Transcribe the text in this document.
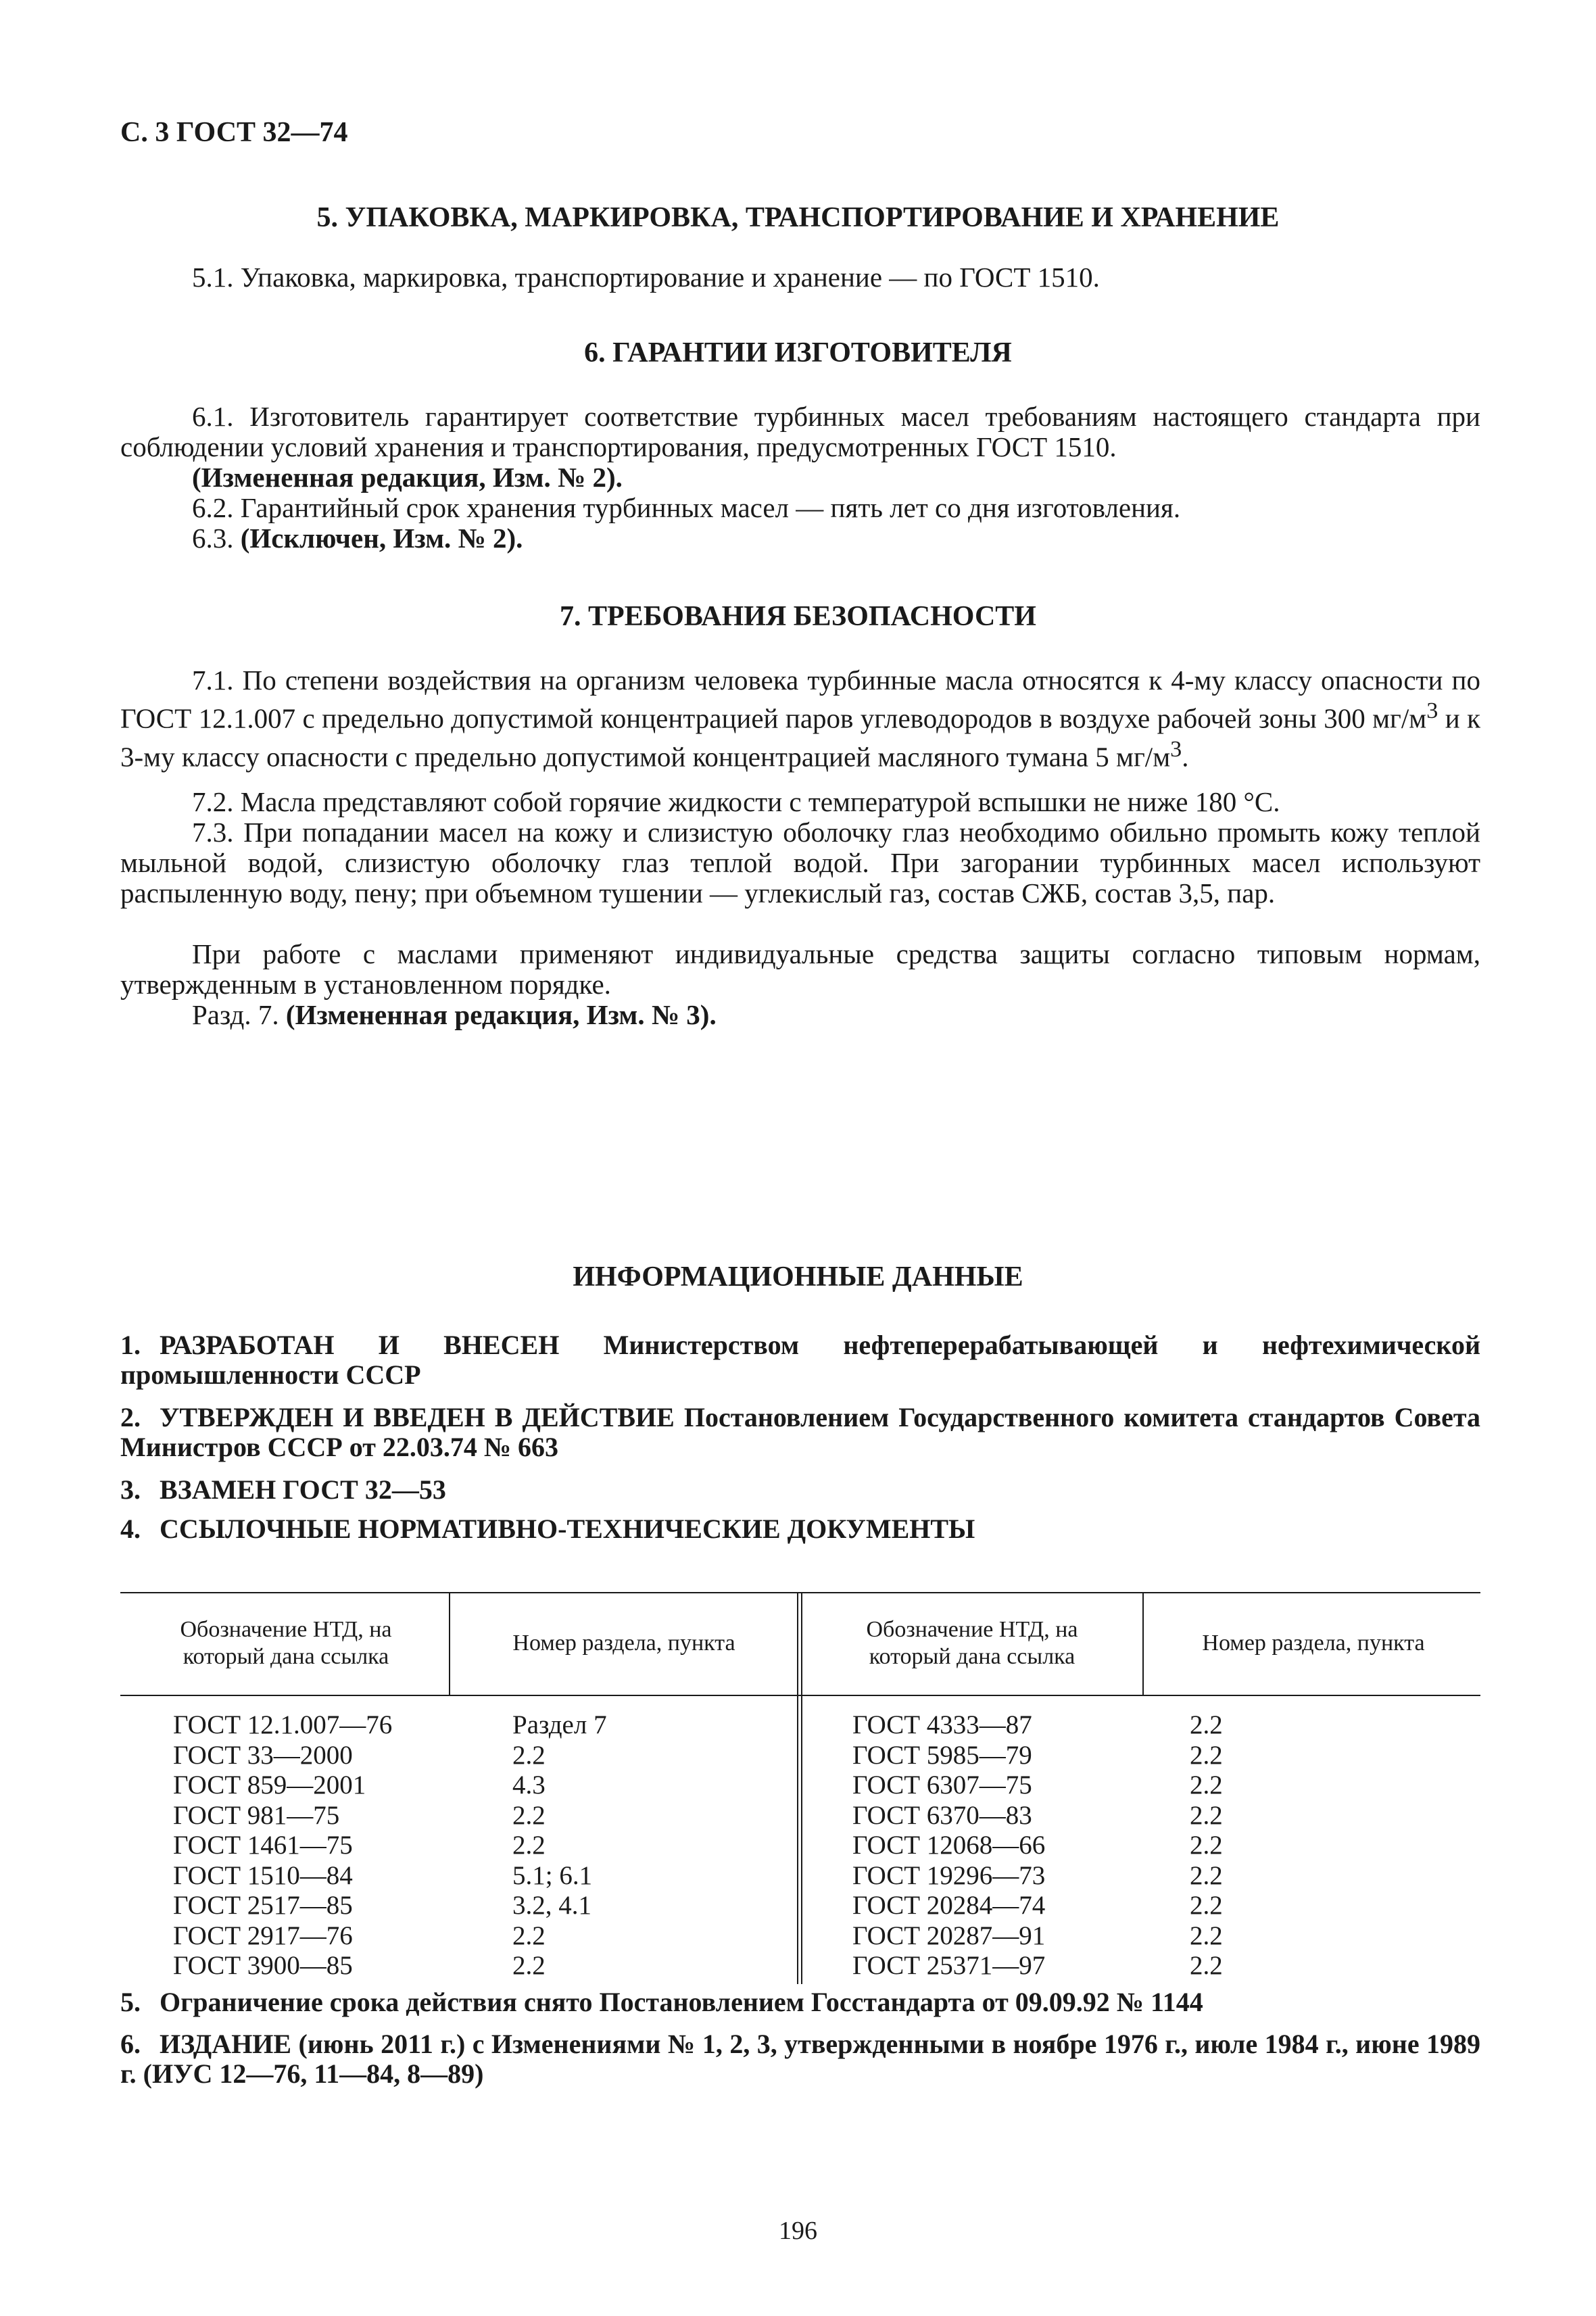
С. 3 ГОСТ 32—74
5. УПАКОВКА, МАРКИРОВКА, ТРАНСПОРТИРОВАНИЕ И ХРАНЕНИЕ
5.1. Упаковка, маркировка, транспортирование и хранение — по ГОСТ 1510.
6. ГАРАНТИИ ИЗГОТОВИТЕЛЯ
6.1. Изготовитель гарантирует соответствие турбинных масел требованиям настоящего стандарта при соблюдении условий хранения и транспортирования, предусмотренных ГОСТ 1510.
(Измененная редакция, Изм. № 2).
6.2. Гарантийный срок хранения турбинных масел — пять лет со дня изготовления.
6.3. (Исключен, Изм. № 2).
7. ТРЕБОВАНИЯ БЕЗОПАСНОСТИ
7.1. По степени воздействия на организм человека турбинные масла относятся к 4-му классу опасности по ГОСТ 12.1.007 с предельно допустимой концентрацией паров углеводородов в воздухе рабочей зоны 300 $мг/м^3$ и к 3-му классу опасности с предельно допустимой концентрацией масляного тумана 5 $мг/м^3$.
7.2. Масла представляют собой горячие жидкости с температурой вспышки не ниже 180 °С.
7.3. При попадании масел на кожу и слизистую оболочку глаз необходимо обильно промыть кожу теплой мыльной водой, слизистую оболочку глаз теплой водой. При загорании турбинных масел используют распыленную воду, пену; при объемном тушении — углекислый газ, состав СЖБ, состав 3,5, пар.
При работе с маслами применяют индивидуальные средства защиты согласно типовым нормам, утвержденным в установленном порядке.
Разд. 7. (Измененная редакция, Изм. № 3).
ИНФОРМАЦИОННЫЕ ДАННЫЕ
1. РАЗРАБОТАН И ВНЕСЕН Министерством нефтеперерабатывающей и нефтехимической промышленности СССР
2. УТВЕРЖДЕН И ВВЕДЕН В ДЕЙСТВИЕ Постановлением Государственного комитета стандартов Совета Министров СССР от 22.03.74 № 663
3. ВЗАМЕН ГОСТ 32—53
4. ССЫЛОЧНЫЕ НОРМАТИВНО-ТЕХНИЧЕСКИЕ ДОКУМЕНТЫ
Обозначение НТД, на который дана ссылка
Номер раздела, пункта
Обозначение НТД, на который дана ссылка
Номер раздела, пункта
ГОСТ 12.1.007—76
ГОСТ 33—2000
ГОСТ 859—2001
ГОСТ 981—75
ГОСТ 1461—75
ГОСТ 1510—84
ГОСТ 2517—85
ГОСТ 2917—76
ГОСТ 3900—85
Раздел 7
2.2
4.3
2.2
2.2
5.1; 6.1
3.2, 4.1
2.2
2.2
ГОСТ 4333—87
ГОСТ 5985—79
ГОСТ 6307—75
ГОСТ 6370—83
ГОСТ 12068—66
ГОСТ 19296—73
ГОСТ 20284—74
ГОСТ 20287—91
ГОСТ 25371—97
2.2
2.2
2.2
2.2
2.2
2.2
2.2
2.2
2.2
5. Ограничение срока действия снято Постановлением Госстандарта от 09.09.92 № 1144
6. ИЗДАНИЕ (июнь 2011 г.) с Изменениями № 1, 2, 3, утвержденными в ноябре 1976 г., июле 1984 г., июне 1989 г. (ИУС 12—76, 11—84, 8—89)
196
